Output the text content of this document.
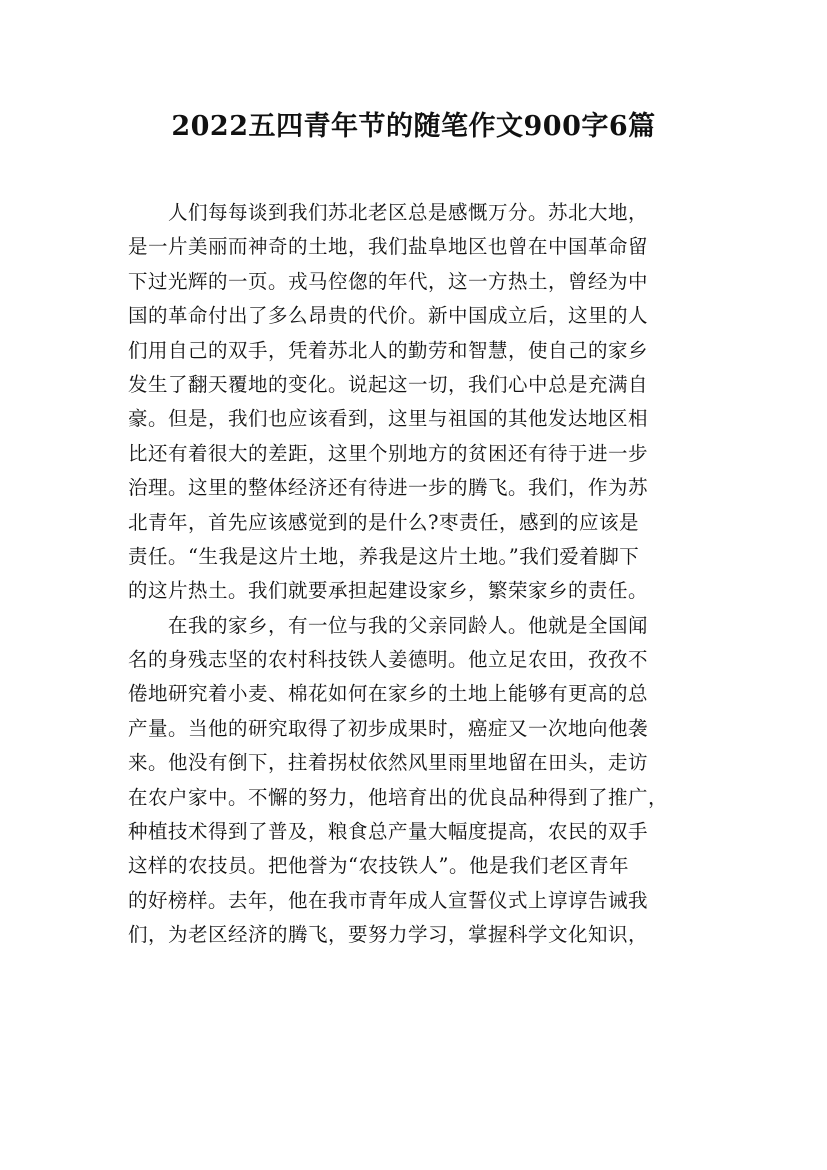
2022五四青年节的随笔作文900字6篇
人们每每谈到我们苏北老区总是感慨万分。苏北大地，
是一片美丽而神奇的土地，我们盐阜地区也曾在中国革命留
下过光辉的一页。戎马倥偬的年代，这一方热土，曾经为中
国的革命付出了多么昂贵的代价。新中国成立后，这里的人
们用自己的双手，凭着苏北人的勤劳和智慧，使自己的家乡
发生了翻天覆地的变化。说起这一切，我们心中总是充满自
豪。但是，我们也应该看到，这里与祖国的其他发达地区相
比还有着很大的差距，这里个别地方的贫困还有待于进一步
治理。这里的整体经济还有待进一步的腾飞。我们，作为苏
北青年，首先应该感觉到的是什么?枣责任，感到的应该是
责任。“生我是这片土地，养我是这片土地。”我们爱着脚下
的这片热土。我们就要承担起建设家乡，繁荣家乡的责任。
在我的家乡，有一位与我的父亲同龄人。他就是全国闻
名的身残志坚的农村科技铁人姜德明。他立足农田，孜孜不
倦地研究着小麦、棉花如何在家乡的土地上能够有更高的总
产量。当他的研究取得了初步成果时，癌症又一次地向他袭
来。他没有倒下，拄着拐杖依然风里雨里地留在田头，走访
在农户家中。不懈的努力，他培育出的优良品种得到了推广，
种植技术得到了普及，粮食总产量大幅度提高，农民的双手
这样的农技员。把他誉为“农技铁人”。他是我们老区青年
的好榜样。去年，他在我市青年成人宣誓仪式上谆谆告诫我
们，为老区经济的腾飞，要努力学习，掌握科学文化知识，
